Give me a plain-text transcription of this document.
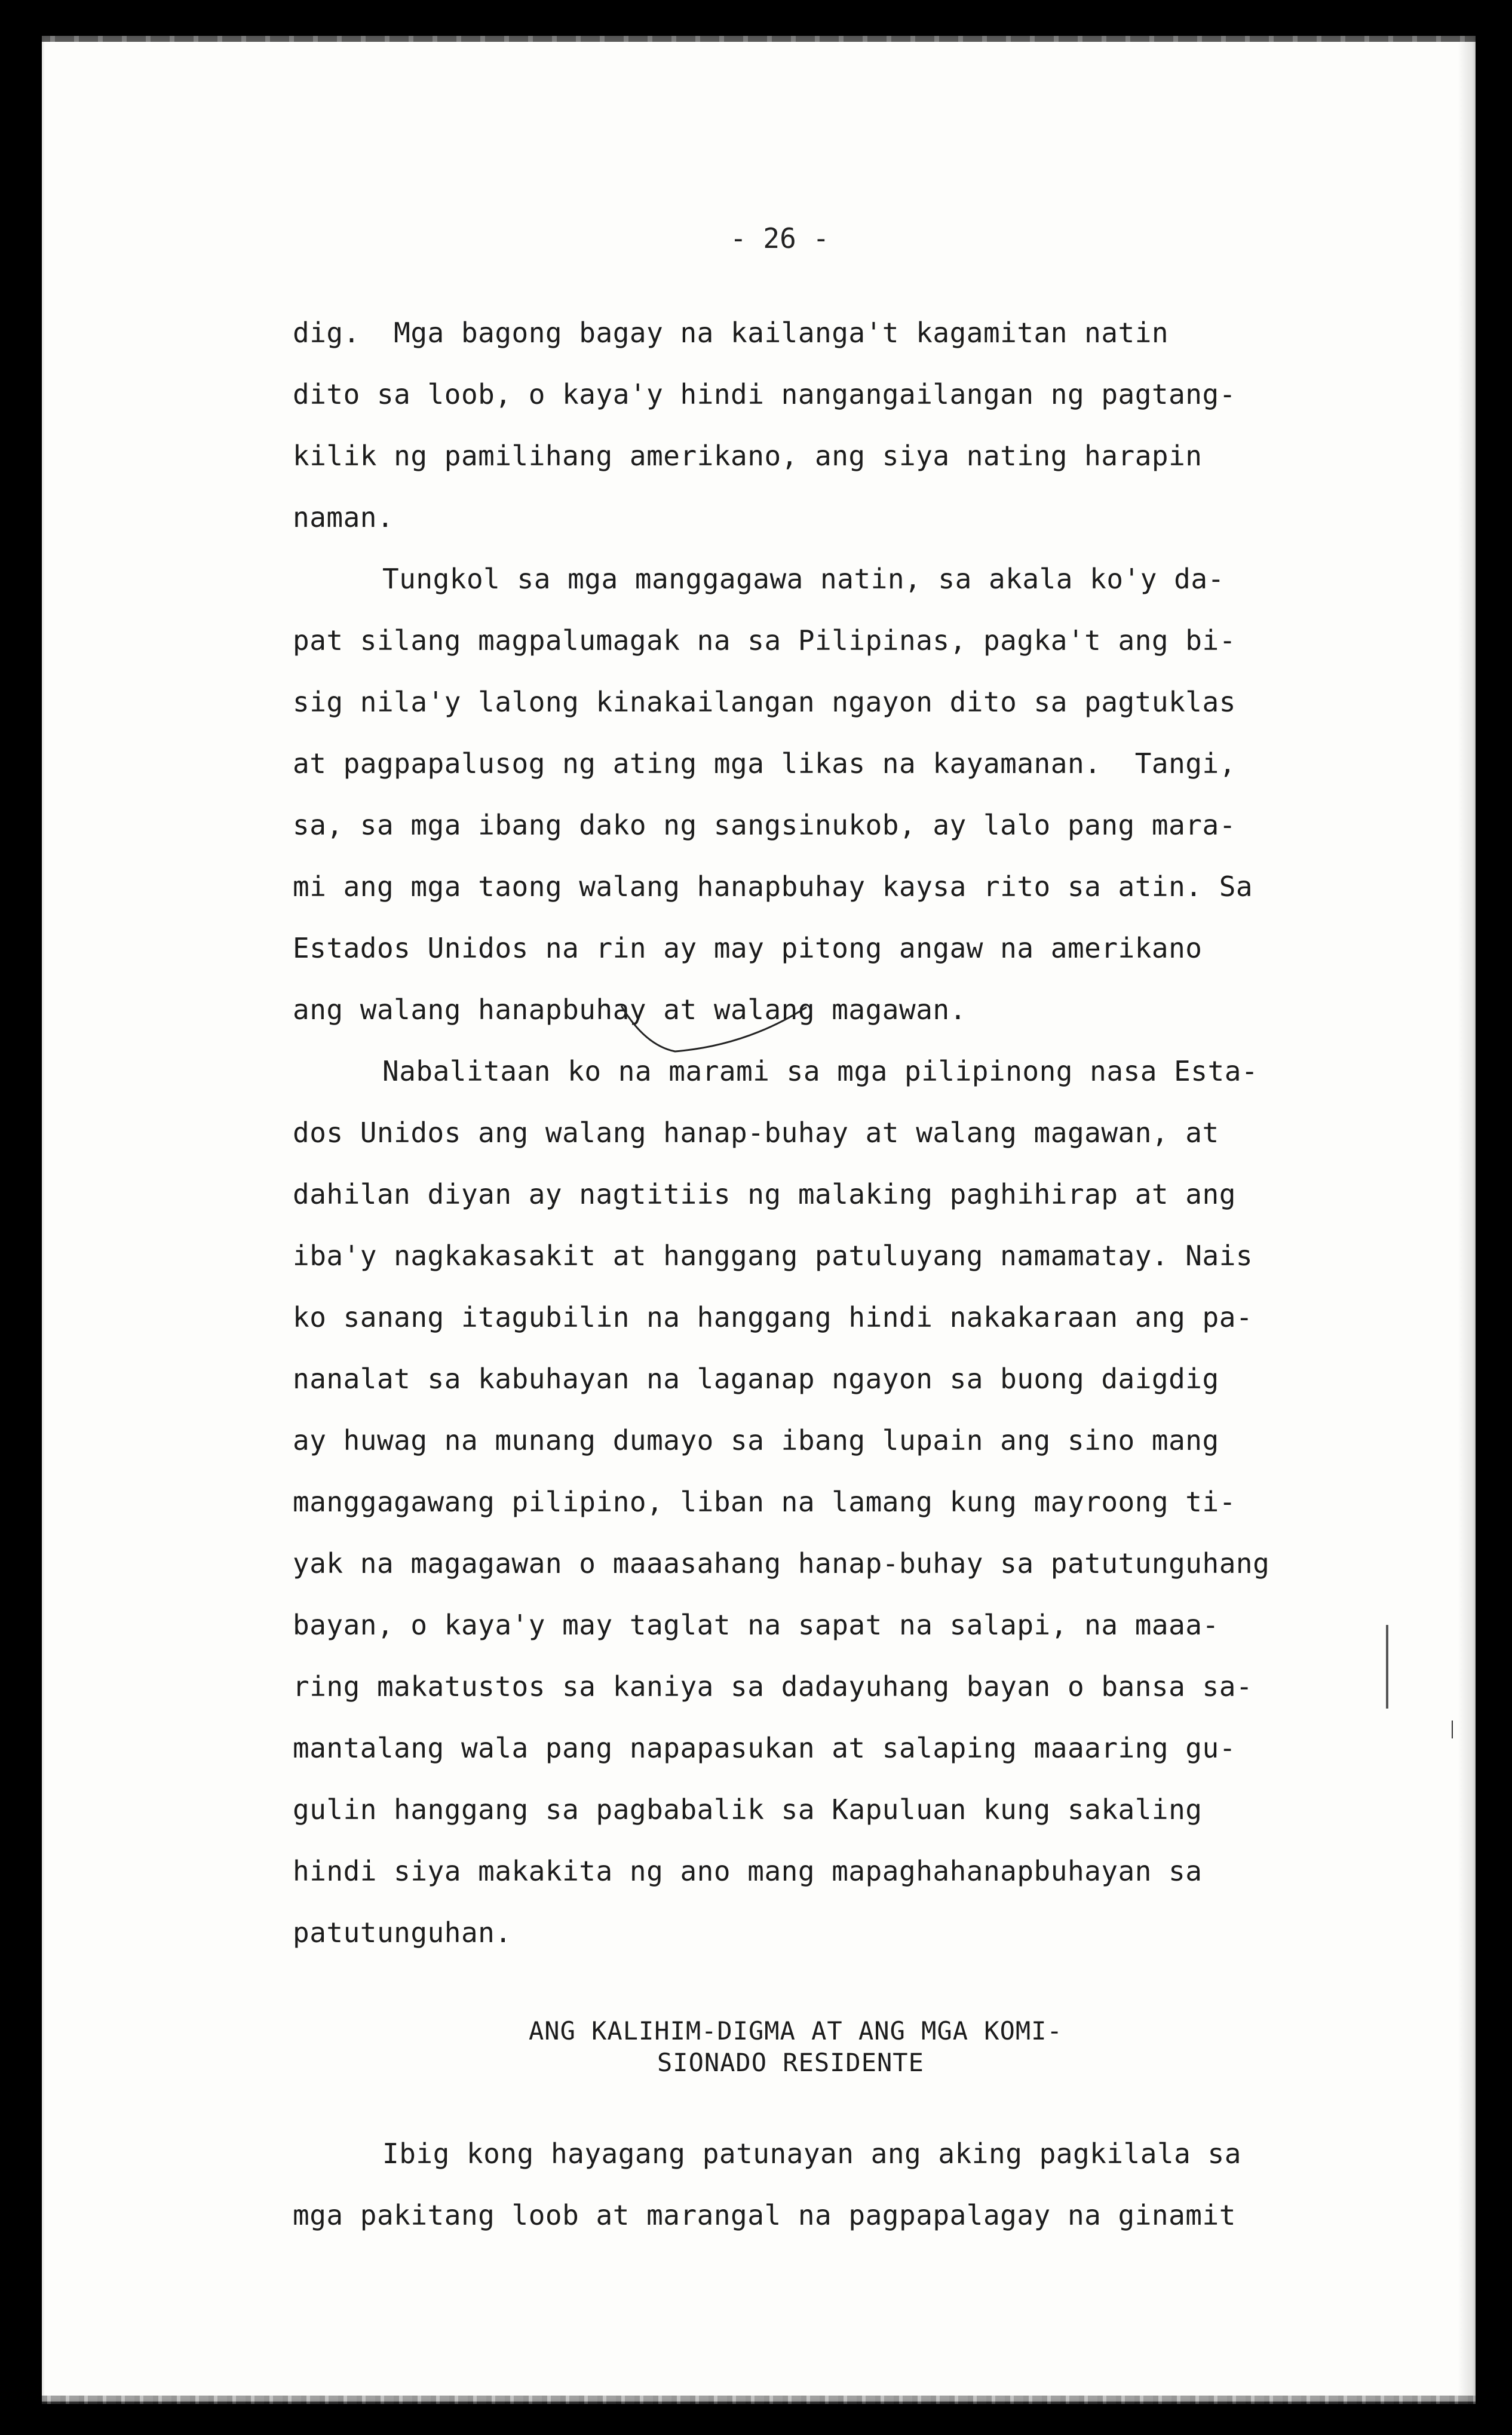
- 26 -
dig.  Mga bagong bagay na kailanga't kagamitan natin
dito sa loob, o kaya'y hindi nangangailangan ng pagtang-
kilik ng pamilihang amerikano, ang siya nating harapin
naman.
Tungkol sa mga manggagawa natin, sa akala ko'y da-
pat silang magpalumagak na sa Pilipinas, pagka't ang bi-
sig nila'y lalong kinakailangan ngayon dito sa pagtuklas
at pagpapalusog ng ating mga likas na kayamanan.  Tangi,
sa, sa mga ibang dako ng sangsinukob, ay lalo pang mara-
mi ang mga taong walang hanapbuhay kaysa rito sa atin. Sa
Estados Unidos na rin ay may pitong angaw na amerikano
ang walang hanapbuhay at walang magawan.
Nabalitaan ko na marami sa mga pilipinong nasa Esta-
dos Unidos ang walang hanap-buhay at walang magawan, at
dahilan diyan ay nagtitiis ng malaking paghihirap at ang
iba'y nagkakasakit at hanggang patuluyang namamatay. Nais
ko sanang itagubilin na hanggang hindi nakakaraan ang pa-
nanalat sa kabuhayan na laganap ngayon sa buong daigdig
ay huwag na munang dumayo sa ibang lupain ang sino mang
manggagawang pilipino, liban na lamang kung mayroong ti-
yak na magagawan o maaasahang hanap-buhay sa patutunguhang
bayan, o kaya'y may taglat na sapat na salapi, na maaa-
ring makatustos sa kaniya sa dadayuhang bayan o bansa sa-
mantalang wala pang napapasukan at salaping maaaring gu-
gulin hanggang sa pagbabalik sa Kapuluan kung sakaling
hindi siya makakita ng ano mang mapaghahanapbuhayan sa
patutunguhan.
ANG KALIHIM-DIGMA AT ANG MGA KOMI-
SIONADO RESIDENTE
Ibig kong hayagang patunayan ang aking pagkilala sa
mga pakitang loob at marangal na pagpapalagay na ginamit
